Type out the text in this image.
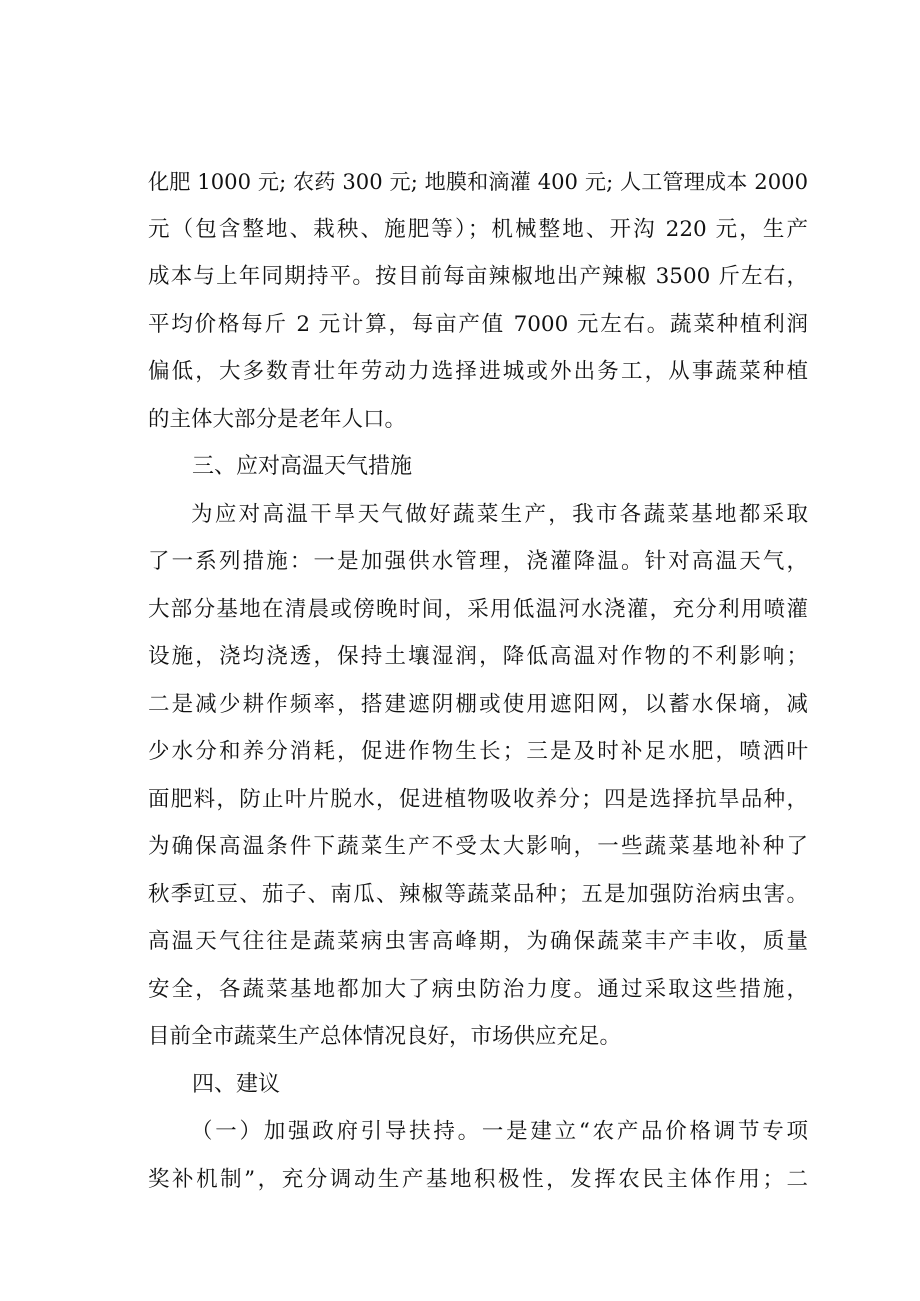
化肥 1000 元; 农药 300 元; 地膜和滴灌 400 元; 人工管理成本 2000
元（包含整地、栽秧、施肥等）；机械整地、开沟 220 元，生产
成本与上年同期持平。按目前每亩辣椒地出产辣椒 3500 斤左右，
平均价格每斤 2 元计算，每亩产值 7000 元左右。蔬菜种植利润
偏低，大多数青壮年劳动力选择进城或外出务工，从事蔬菜种植
的主体大部分是老年人口。

三、应对高温天气措施

为应对高温干旱天气做好蔬菜生产，我市各蔬菜基地都采取
了一系列措施：一是加强供水管理，浇灌降温。针对高温天气，
大部分基地在清晨或傍晚时间，采用低温河水浇灌，充分利用喷灌
设施，浇均浇透，保持土壤湿润，降低高温对作物的不利影响；
二是减少耕作频率，搭建遮阴棚或使用遮阳网，以蓄水保墒，减
少水分和养分消耗，促进作物生长；三是及时补足水肥，喷洒叶
面肥料，防止叶片脱水，促进植物吸收养分；四是选择抗旱品种，
为确保高温条件下蔬菜生产不受太大影响，一些蔬菜基地补种了
秋季豇豆、茄子、南瓜、辣椒等蔬菜品种；五是加强防治病虫害。
高温天气往往是蔬菜病虫害高峰期，为确保蔬菜丰产丰收，质量
安全，各蔬菜基地都加大了病虫防治力度。通过采取这些措施，
目前全市蔬菜生产总体情况良好，市场供应充足。

四、建议

（一）加强政府引导扶持。一是建立“农产品价格调节专项
奖补机制”，充分调动生产基地积极性，发挥农民主体作用；二
